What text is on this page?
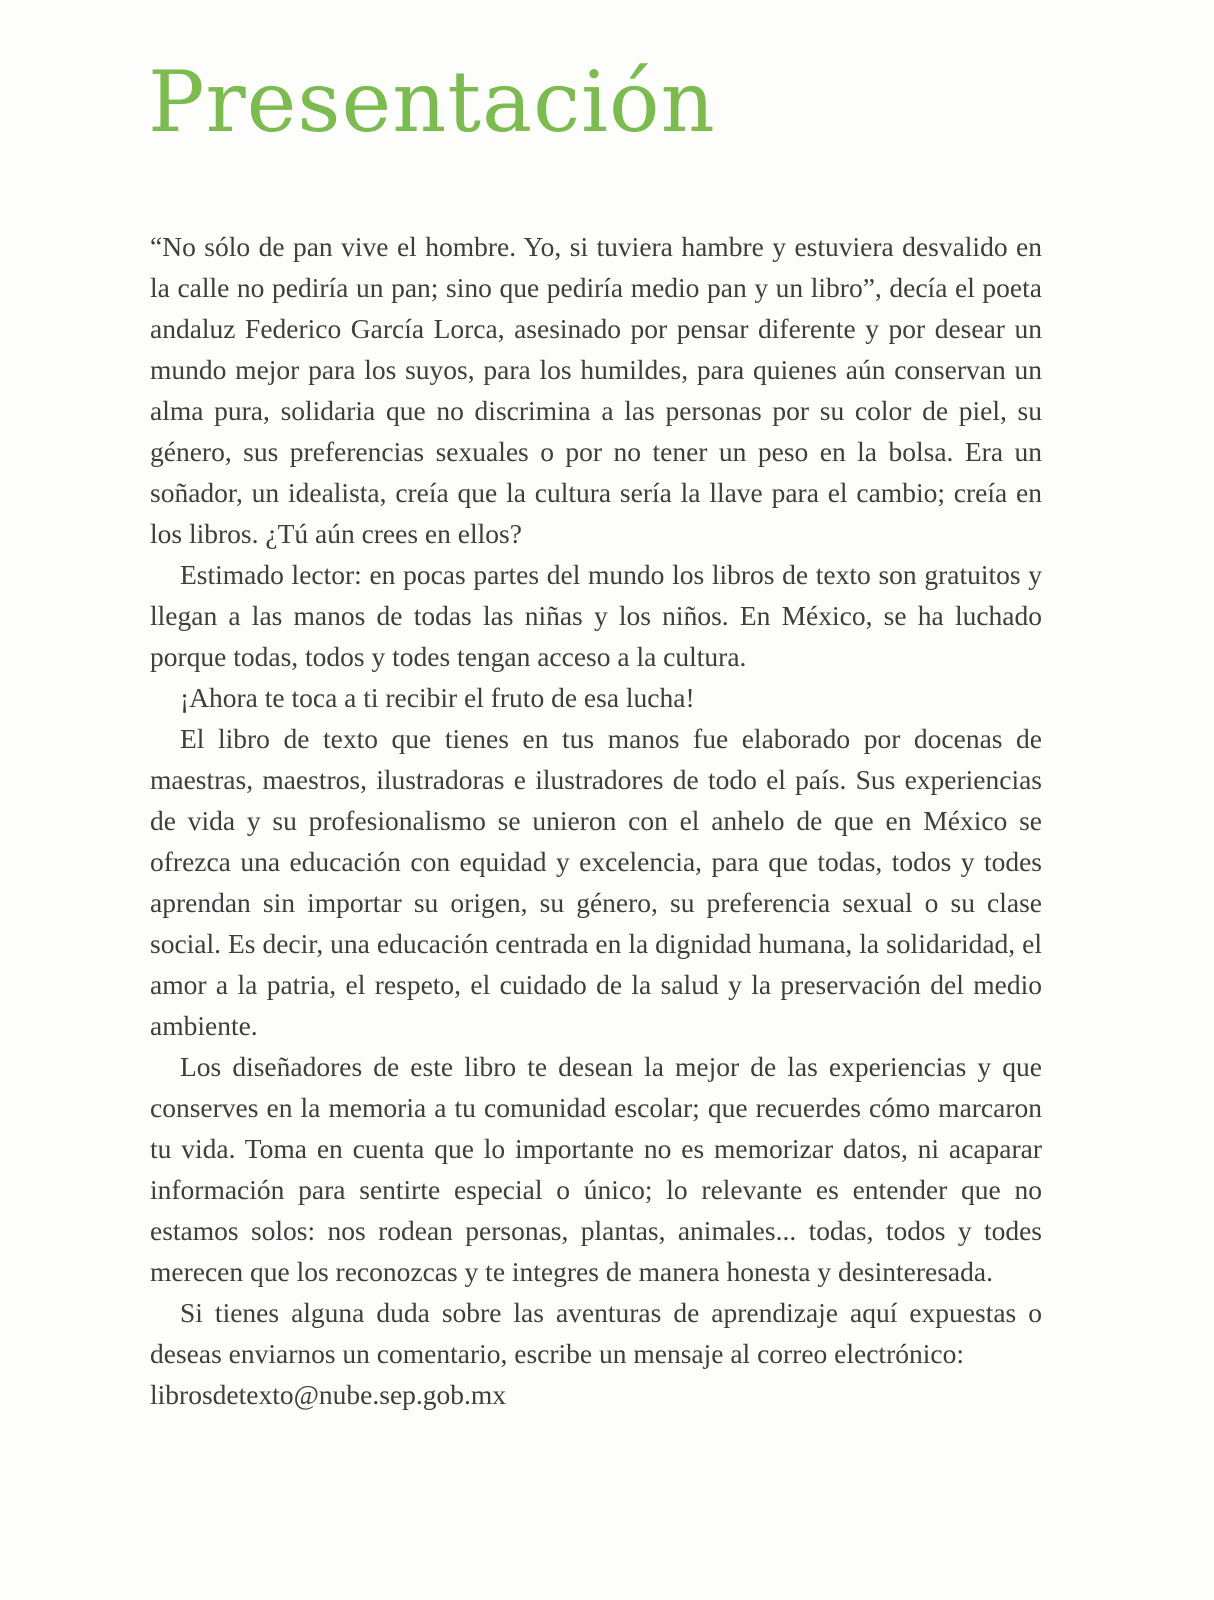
Presentación

“No sólo de pan vive el hombre. Yo, si tuviera hambre y estuviera desvalido en la calle no pediría un pan; sino que pediría medio pan y un libro”, decía el poeta andaluz Federico García Lorca, asesinado por pensar diferente y por desear un mundo mejor para los suyos, para los humildes, para quienes aún conservan un alma pura, solidaria que no discrimina a las personas por su color de piel, su género, sus preferencias sexuales o por no tener un peso en la bolsa. Era un soñador, un idealista, creía que la cultura sería la llave para el cambio; creía en los libros. ¿Tú aún crees en ellos?

Estimado lector: en pocas partes del mundo los libros de texto son gratuitos y llegan a las manos de todas las niñas y los niños. En México, se ha luchado porque todas, todos y todes tengan acceso a la cultura.

¡Ahora te toca a ti recibir el fruto de esa lucha!

El libro de texto que tienes en tus manos fue elaborado por docenas de maestras, maestros, ilustradoras e ilustradores de todo el país. Sus experiencias de vida y su profesionalismo se unieron con el anhelo de que en México se ofrezca una educación con equidad y excelencia, para que todas, todos y todes aprendan sin importar su origen, su género, su preferencia sexual o su clase social. Es decir, una educación centrada en la dignidad humana, la solidaridad, el amor a la patria, el respeto, el cuidado de la salud y la preservación del medio ambiente.

Los diseñadores de este libro te desean la mejor de las experiencias y que conserves en la memoria a tu comunidad escolar; que recuerdes cómo marcaron tu vida. Toma en cuenta que lo importante no es memorizar datos, ni acaparar información para sentirte especial o único; lo relevante es entender que no estamos solos: nos rodean personas, plantas, animales... todas, todos y todes merecen que los reconozcas y te integres de manera honesta y desinteresada.

Si tienes alguna duda sobre las aventuras de aprendizaje aquí expuestas o deseas enviarnos un comentario, escribe un mensaje al correo electrónico:

librosdetexto@nube.sep.gob.mx
